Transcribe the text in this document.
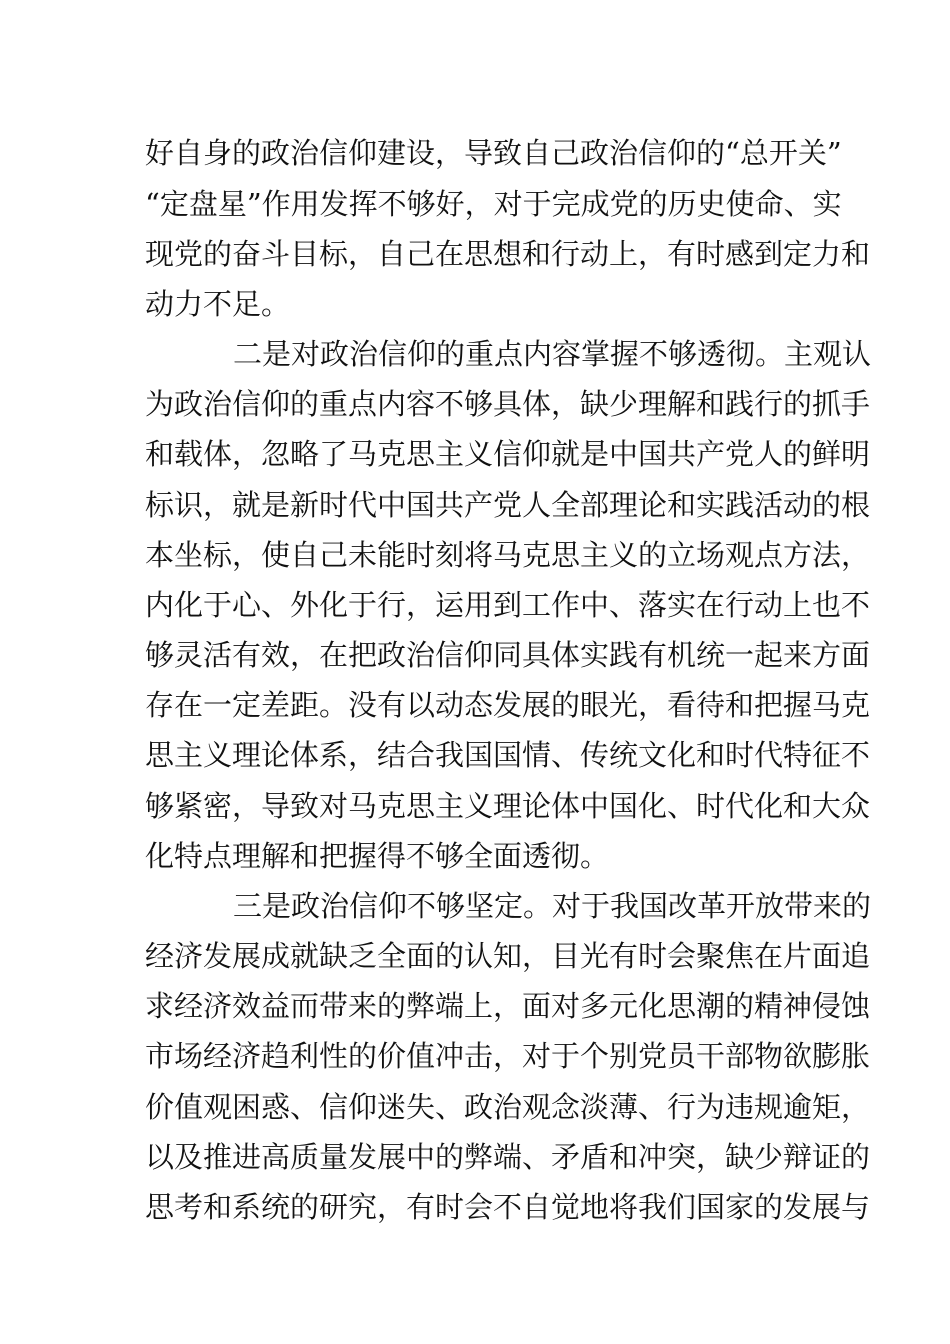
好自身的政治信仰建设，导致自己政治信仰的“总开关”
“定盘星”作用发挥不够好，对于完成党的历史使命、实
现党的奋斗目标，自己在思想和行动上，有时感到定力和
动力不足。
二是对政治信仰的重点内容掌握不够透彻。主观认
为政治信仰的重点内容不够具体，缺少理解和践行的抓手
和载体，忽略了马克思主义信仰就是中国共产党人的鲜明
标识，就是新时代中国共产党人全部理论和实践活动的根
本坐标，使自己未能时刻将马克思主义的立场观点方法，
内化于心、外化于行，运用到工作中、落实在行动上也不
够灵活有效，在把政治信仰同具体实践有机统一起来方面
存在一定差距。没有以动态发展的眼光，看待和把握马克
思主义理论体系，结合我国国情、传统文化和时代特征不
够紧密，导致对马克思主义理论体中国化、时代化和大众
化特点理解和把握得不够全面透彻。
三是政治信仰不够坚定。对于我国改革开放带来的
经济发展成就缺乏全面的认知，目光有时会聚焦在片面追
求经济效益而带来的弊端上，面对多元化思潮的精神侵蚀
市场经济趋利性的价值冲击，对于个别党员干部物欲膨胀
价值观困惑、信仰迷失、政治观念淡薄、行为违规逾矩，
以及推进高质量发展中的弊端、矛盾和冲突，缺少辩证的
思考和系统的研究，有时会不自觉地将我们国家的发展与
